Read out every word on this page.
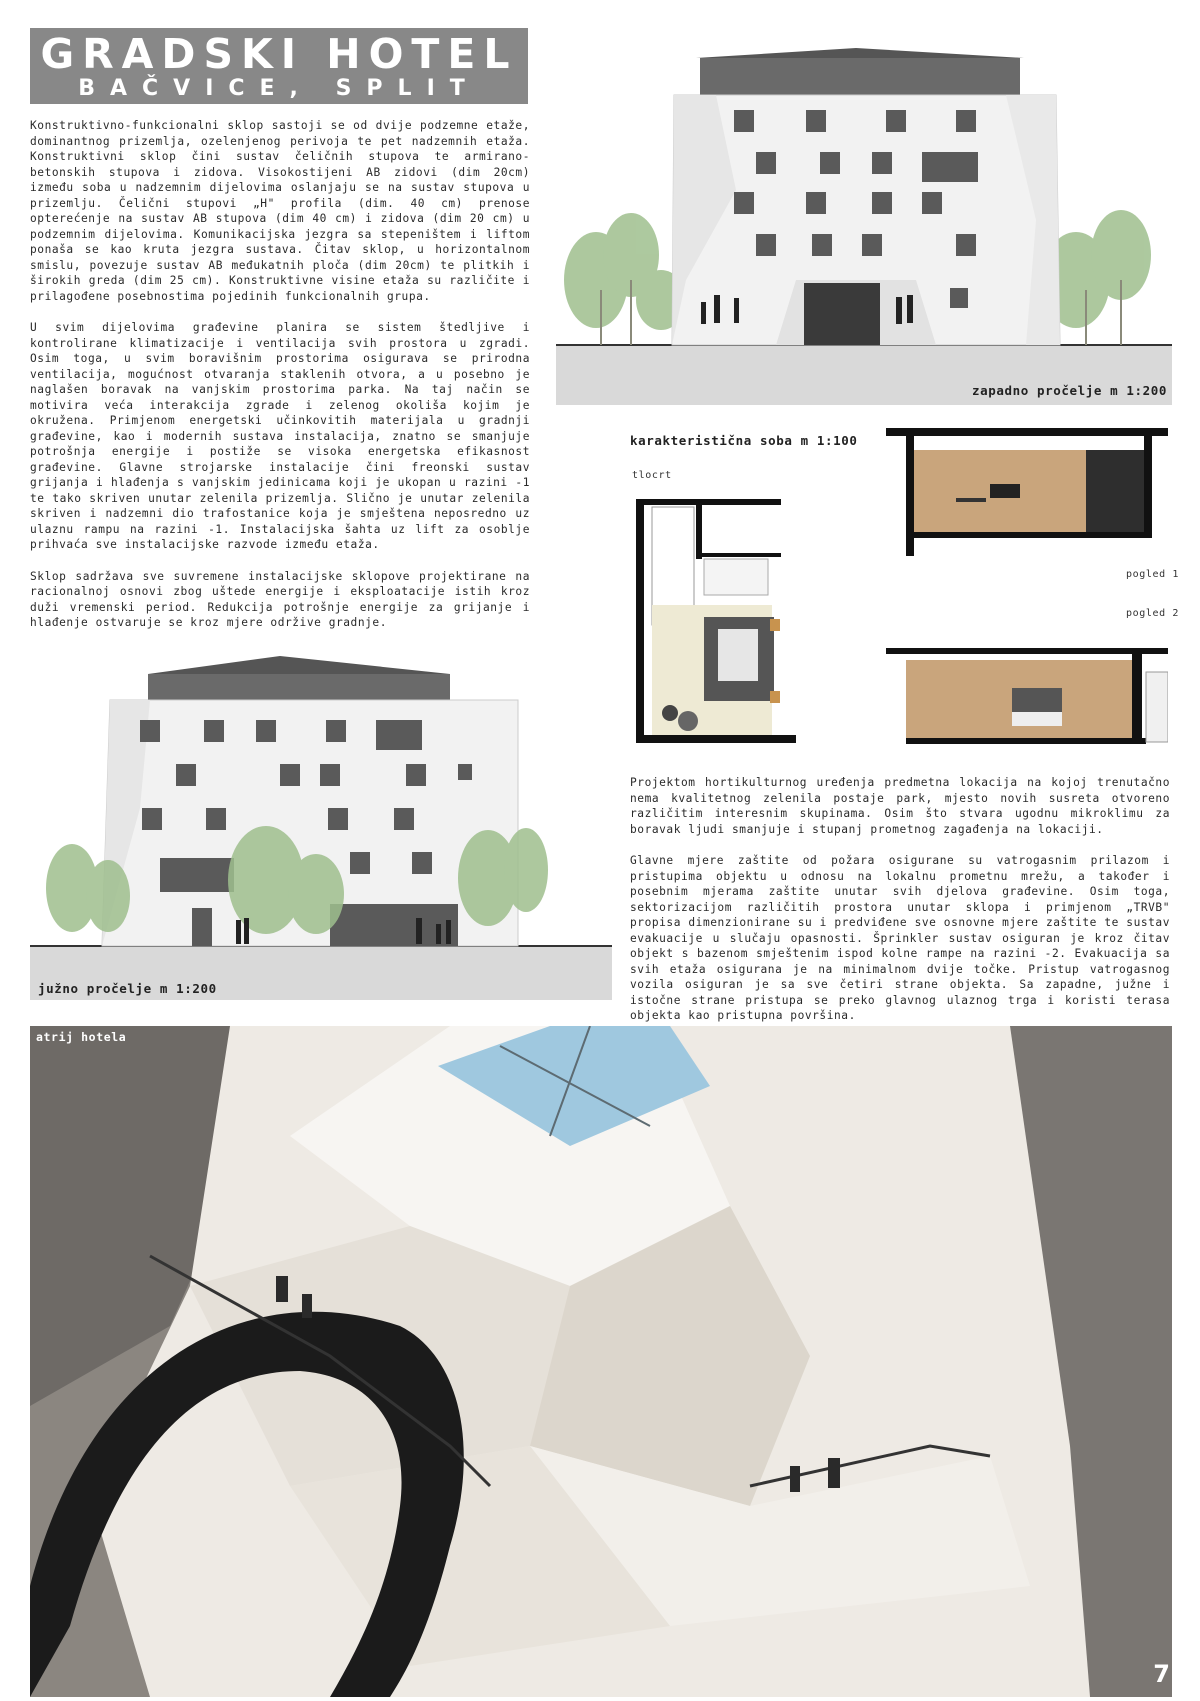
GRADSKI HOTEL
BAČVICE, SPLIT

Konstruktivno-funkcionalni sklop sastoji se od dvije podzemne etaže, dominantnog prizemlja, ozelenjenog perivoja te pet nadzemnih etaža. Konstruktivni sklop čini sustav čeličnih stupova te armirano-betonskih stupova i zidova. Visokostijeni AB zidovi (dim 20cm) između soba u nadzemnim dijelovima oslanjaju se na sustav stupova u prizemlju. Čelični stupovi „H" profila (dim. 40 cm) prenose opterećenje na sustav AB stupova (dim 40 cm) i zidova (dim 20 cm) u podzemnim dijelovima. Komunikacijska jezgra sa stepeništem i liftom ponaša se kao kruta jezgra sustava. Čitav sklop, u horizontalnom smislu, povezuje sustav AB međukatnih ploča (dim 20cm) te plitkih i širokih greda (dim 25 cm). Konstruktivne visine etaža su različite i prilagođene posebnostima pojedinih funkcionalnih grupa.

U svim dijelovima građevine planira se sistem štedljive i kontrolirane klimatizacije i ventilacija svih prostora u zgradi. Osim toga, u svim boravišnim prostorima osigurava se prirodna ventilacija, mogućnost otvaranja staklenih otvora, a u posebno je naglašen boravak na vanjskim prostorima parka. Na taj način se motivira veća interakcija zgrade i zelenog okoliša kojim je okružena. Primjenom energetski učinkovitih materijala u gradnji građevine, kao i modernih sustava instalacija, znatno se smanjuje potrošnja energije i postiže se visoka energetska efikasnost građevine. Glavne strojarske instalacije čini freonski sustav grijanja i hlađenja s vanjskim jedinicama koji je ukopan u razini -1 te tako skriven unutar zelenila prizemlja. Slično je unutar zelenila skriven i nadzemni dio trafostanice koja je smještena neposredno uz ulaznu rampu na razini -1. Instalacijska šahta uz lift za osoblje prihvaća sve instalacijske razvode između etaža.

Sklop sadržava sve suvremene instalacijske sklopove projektirane na racionalnoj osnovi zbog uštede energije i eksploatacije istih kroz duži vremenski period. Redukcija potrošnje energije za grijanje i hlađenje ostvaruje se kroz mjere održive gradnje.

zapadno pročelje m 1:200
karakteristična soba m 1:100
tlocrt
pogled 1
pogled 2

Projektom hortikulturnog uređenja predmetna lokacija na kojoj trenutačno nema kvalitetnog zelenila postaje park, mjesto novih susreta otvoreno različitim interesnim skupinama. Osim što stvara ugodnu mikroklimu za boravak ljudi smanjuje i stupanj prometnog zagađenja na lokaciji.

Glavne mjere zaštite od požara osigurane su vatrogasnim prilazom i pristupima objektu u odnosu na lokalnu prometnu mrežu, a također i posebnim mjerama zaštite unutar svih djelova građevine. Osim toga, sektorizacijom različitih prostora unutar sklopa i primjenom „TRVB" propisa dimenzionirane su i predviđene sve osnovne mjere zaštite te sustav evakuacije u slučaju opasnosti. Šprinkler sustav osiguran je kroz čitav objekt s bazenom smještenim ispod kolne rampe na razini -2. Evakuacija sa svih etaža osigurana je na minimalnom dvije točke. Pristup vatrogasnog vozila osiguran je sa sve četiri strane objekta. Sa zapadne, južne i istočne strane pristupa se preko glavnog ulaznog trga i koristi terasa objekta kao pristupna površina.

južno pročelje m 1:200
atrij hotela
7
